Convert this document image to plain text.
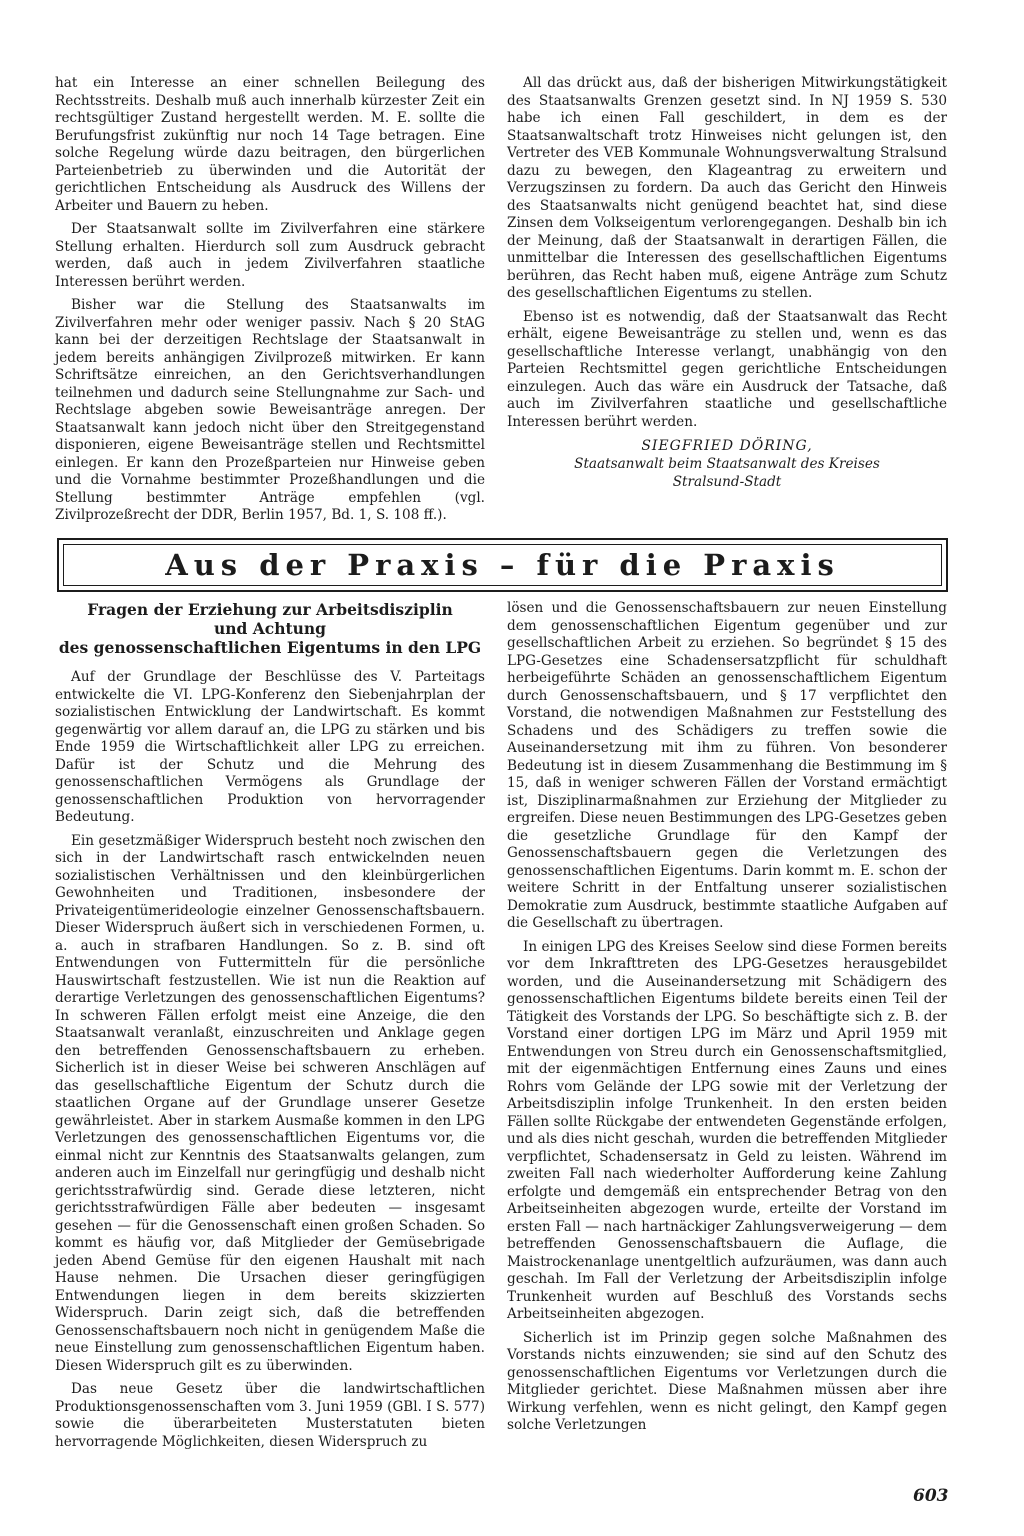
hat ein Interesse an einer schnellen Beilegung des Rechtsstreits. Deshalb muß auch innerhalb kürzester Zeit ein rechtsgültiger Zustand hergestellt werden. M. E. sollte die Berufungsfrist zukünftig nur noch 14 Tage betragen. Eine solche Regelung würde dazu beitragen, den bürgerlichen Parteienbetrieb zu überwinden und die Autorität der gerichtlichen Entscheidung als Ausdruck des Willens der Arbeiter und Bauern zu heben.

Der Staatsanwalt sollte im Zivilverfahren eine stärkere Stellung erhalten. Hierdurch soll zum Ausdruck gebracht werden, daß auch in jedem Zivilverfahren staatliche Interessen berührt werden.

Bisher war die Stellung des Staatsanwalts im Zivilverfahren mehr oder weniger passiv. Nach § 20 StAG kann bei der derzeitigen Rechtslage der Staatsanwalt in jedem bereits anhängigen Zivilprozeß mitwirken. Er kann Schriftsätze einreichen, an den Gerichtsverhandlungen teilnehmen und dadurch seine Stellungnahme zur Sach- und Rechtslage abgeben sowie Beweisanträge anregen. Der Staatsanwalt kann jedoch nicht über den Streitgegenstand disponieren, eigene Beweisanträge stellen und Rechtsmittel einlegen. Er kann den Prozeßparteien nur Hinweise geben und die Vornahme bestimmter Prozeßhandlungen und die Stellung bestimmter Anträge empfehlen (vgl. Zivilprozeßrecht der DDR, Berlin 1957, Bd. 1, S. 108 ff.).

All das drückt aus, daß der bisherigen Mitwirkungstätigkeit des Staatsanwalts Grenzen gesetzt sind. In NJ 1959 S. 530 habe ich einen Fall geschildert, in dem es der Staatsanwaltschaft trotz Hinweises nicht gelungen ist, den Vertreter des VEB Kommunale Wohnungsverwaltung Stralsund dazu zu bewegen, den Klageantrag zu erweitern und Verzugszinsen zu fordern. Da auch das Gericht den Hinweis des Staatsanwalts nicht genügend beachtet hat, sind diese Zinsen dem Volkseigentum verlorengegangen. Deshalb bin ich der Meinung, daß der Staatsanwalt in derartigen Fällen, die unmittelbar die Interessen des gesellschaftlichen Eigentums berühren, das Recht haben muß, eigene Anträge zum Schutz des gesellschaftlichen Eigentums zu stellen.

Ebenso ist es notwendig, daß der Staatsanwalt das Recht erhält, eigene Beweisanträge zu stellen und, wenn es das gesellschaftliche Interesse verlangt, unabhängig von den Parteien Rechtsmittel gegen gerichtliche Entscheidungen einzulegen. Auch das wäre ein Ausdruck der Tatsache, daß auch im Zivilverfahren staatliche und gesellschaftliche Interessen berührt werden.

SIEGFRIED DÖRING,
Staatsanwalt beim Staatsanwalt des Kreises
Stralsund-Stadt
Aus der Praxis – für die Praxis
Fragen der Erziehung zur Arbeitsdisziplin
und Achtung
des genossenschaftlichen Eigentums in den LPG

Auf der Grundlage der Beschlüsse des V. Parteitags entwickelte die VI. LPG-Konferenz den Siebenjahrplan der sozialistischen Entwicklung der Landwirtschaft. Es kommt gegenwärtig vor allem darauf an, die LPG zu stärken und bis Ende 1959 die Wirtschaftlichkeit aller LPG zu erreichen. Dafür ist der Schutz und die Mehrung des genossenschaftlichen Vermögens als Grundlage der genossenschaftlichen Produktion von hervorragender Bedeutung.

Ein gesetzmäßiger Widerspruch besteht noch zwischen den sich in der Landwirtschaft rasch entwickelnden neuen sozialistischen Verhältnissen und den kleinbürgerlichen Gewohnheiten und Traditionen, insbesondere der Privateigentümerideologie einzelner Genossenschaftsbauern. Dieser Widerspruch äußert sich in verschiedenen Formen, u. a. auch in strafbaren Handlungen. So z. B. sind oft Entwendungen von Futtermitteln für die persönliche Hauswirtschaft festzustellen. Wie ist nun die Reaktion auf derartige Verletzungen des genossenschaftlichen Eigentums? In schweren Fällen erfolgt meist eine Anzeige, die den Staatsanwalt veranlaßt, einzuschreiten und Anklage gegen den betreffenden Genossenschaftsbauern zu erheben. Sicherlich ist in dieser Weise bei schweren Anschlägen auf das gesellschaftliche Eigentum der Schutz durch die staatlichen Organe auf der Grundlage unserer Gesetze gewährleistet. Aber in starkem Ausmaße kommen in den LPG Verletzungen des genossenschaftlichen Eigentums vor, die einmal nicht zur Kenntnis des Staatsanwalts gelangen, zum anderen auch im Einzelfall nur geringfügig und deshalb nicht gerichtsstrafwürdig sind. Gerade diese letzteren, nicht gerichtsstrafwürdigen Fälle aber bedeuten — insgesamt gesehen — für die Genossenschaft einen großen Schaden. So kommt es häufig vor, daß Mitglieder der Gemüsebrigade jeden Abend Gemüse für den eigenen Haushalt mit nach Hause nehmen. Die Ursachen dieser geringfügigen Entwendungen liegen in dem bereits skizzierten Widerspruch. Darin zeigt sich, daß die betreffenden Genossenschaftsbauern noch nicht in genügendem Maße die neue Einstellung zum genossenschaftlichen Eigentum haben. Diesen Widerspruch gilt es zu überwinden.

Das neue Gesetz über die landwirtschaftlichen Produktionsgenossenschaften vom 3. Juni 1959 (GBl. I S. 577) sowie die überarbeiteten Musterstatuten bieten hervorragende Möglichkeiten, diesen Widerspruch zu

lösen und die Genossenschaftsbauern zur neuen Einstellung dem genossenschaftlichen Eigentum gegenüber und zur gesellschaftlichen Arbeit zu erziehen. So begründet § 15 des LPG-Gesetzes eine Schadensersatzpflicht für schuldhaft herbeigeführte Schäden an genossenschaftlichem Eigentum durch Genossenschaftsbauern, und § 17 verpflichtet den Vorstand, die notwendigen Maßnahmen zur Feststellung des Schadens und des Schädigers zu treffen sowie die Auseinandersetzung mit ihm zu führen. Von besonderer Bedeutung ist in diesem Zusammenhang die Bestimmung im § 15, daß in weniger schweren Fällen der Vorstand ermächtigt ist, Disziplinarmaßnahmen zur Erziehung der Mitglieder zu ergreifen. Diese neuen Bestimmungen des LPG-Gesetzes geben die gesetzliche Grundlage für den Kampf der Genossenschaftsbauern gegen die Verletzungen des genossenschaftlichen Eigentums. Darin kommt m. E. schon der weitere Schritt in der Entfaltung unserer sozialistischen Demokratie zum Ausdruck, bestimmte staatliche Aufgaben auf die Gesellschaft zu übertragen.

In einigen LPG des Kreises Seelow sind diese Formen bereits vor dem Inkrafttreten des LPG-Gesetzes herausgebildet worden, und die Auseinandersetzung mit Schädigern des genossenschaftlichen Eigentums bildete bereits einen Teil der Tätigkeit des Vorstands der LPG. So beschäftigte sich z. B. der Vorstand einer dortigen LPG im März und April 1959 mit Entwendungen von Streu durch ein Genossenschaftsmitglied, mit der eigenmächtigen Entfernung eines Zauns und eines Rohrs vom Gelände der LPG sowie mit der Verletzung der Arbeitsdisziplin infolge Trunkenheit. In den ersten beiden Fällen sollte Rückgabe der entwendeten Gegenstände erfolgen, und als dies nicht geschah, wurden die betreffenden Mitglieder verpflichtet, Schadensersatz in Geld zu leisten. Während im zweiten Fall nach wiederholter Aufforderung keine Zahlung erfolgte und demgemäß ein entsprechender Betrag von den Arbeitseinheiten abgezogen wurde, erteilte der Vorstand im ersten Fall — nach hartnäckiger Zahlungsverweigerung — dem betreffenden Genossenschaftsbauern die Auflage, die Maistrockenanlage unentgeltlich aufzuräumen, was dann auch geschah. Im Fall der Verletzung der Arbeitsdisziplin infolge Trunkenheit wurden auf Beschluß des Vorstands sechs Arbeitseinheiten abgezogen.

Sicherlich ist im Prinzip gegen solche Maßnahmen des Vorstands nichts einzuwenden; sie sind auf den Schutz des genossenschaftlichen Eigentums vor Verletzungen durch die Mitglieder gerichtet. Diese Maßnahmen müssen aber ihre Wirkung verfehlen, wenn es nicht gelingt, den Kampf gegen solche Verletzungen

603
